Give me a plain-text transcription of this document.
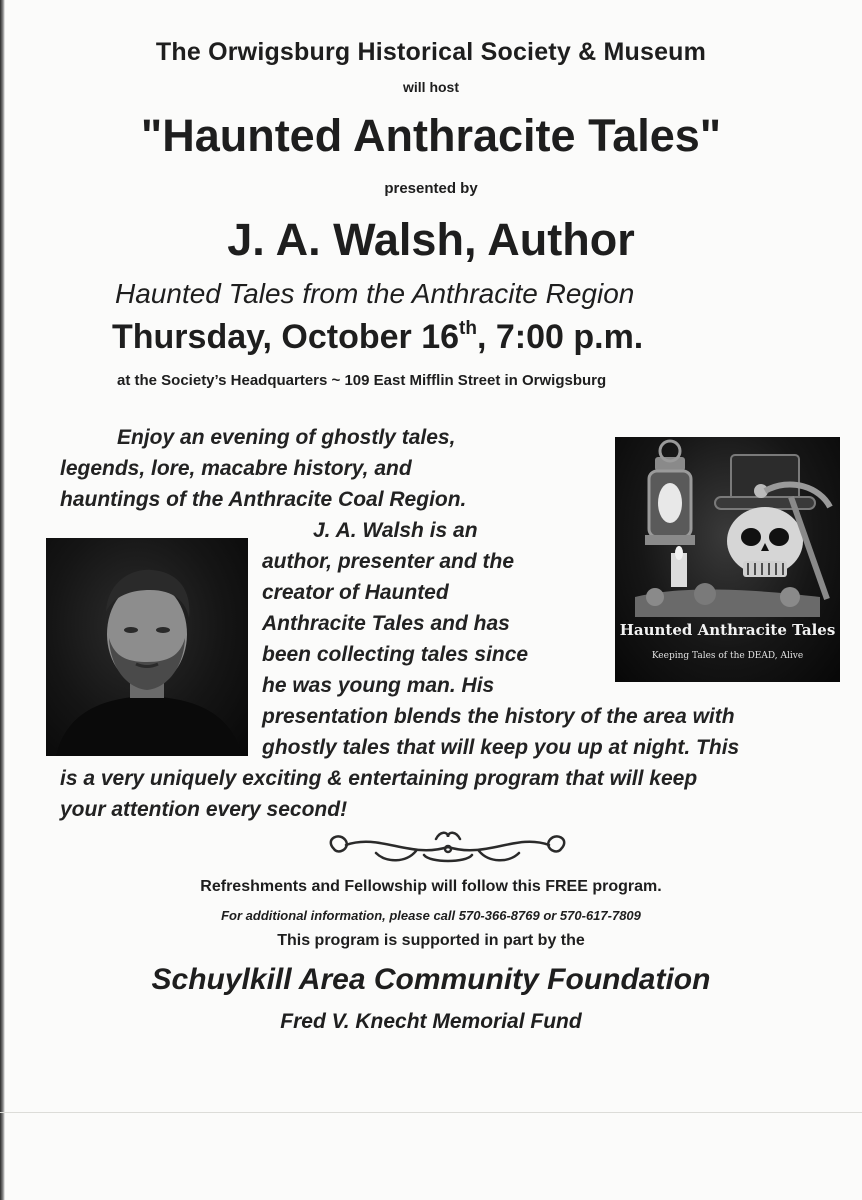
The Orwigsburg Historical Society & Museum

will host

"Haunted Anthracite Tales"

presented by

J. A. Walsh, Author

Haunted Tales from the Anthracite Region

Thursday, October 16th, 7:00 p.m.

at the Society’s Headquarters ~ 109 East Mifflin Street in Orwigsburg

Enjoy an evening of ghostly tales,

legends, lore, macabre history, and

hauntings of the Anthracite Coal Region.

J. A. Walsh is an

author, presenter and the

creator of Haunted

Anthracite Tales and has

been collecting tales since

he was young man. His

presentation blends the history of the area with

ghostly tales that will keep you up at night. This

is a very uniquely exciting & entertaining program that will keep

your attention every second!

Haunted Anthracite Tales
Keeping Tales of the DEAD, Alive

Refreshments and Fellowship will follow this FREE program.

For additional information, please call 570-366-8769 or 570-617-7809

This program is supported in part by the

Schuylkill Area Community Foundation

Fred V. Knecht Memorial Fund
